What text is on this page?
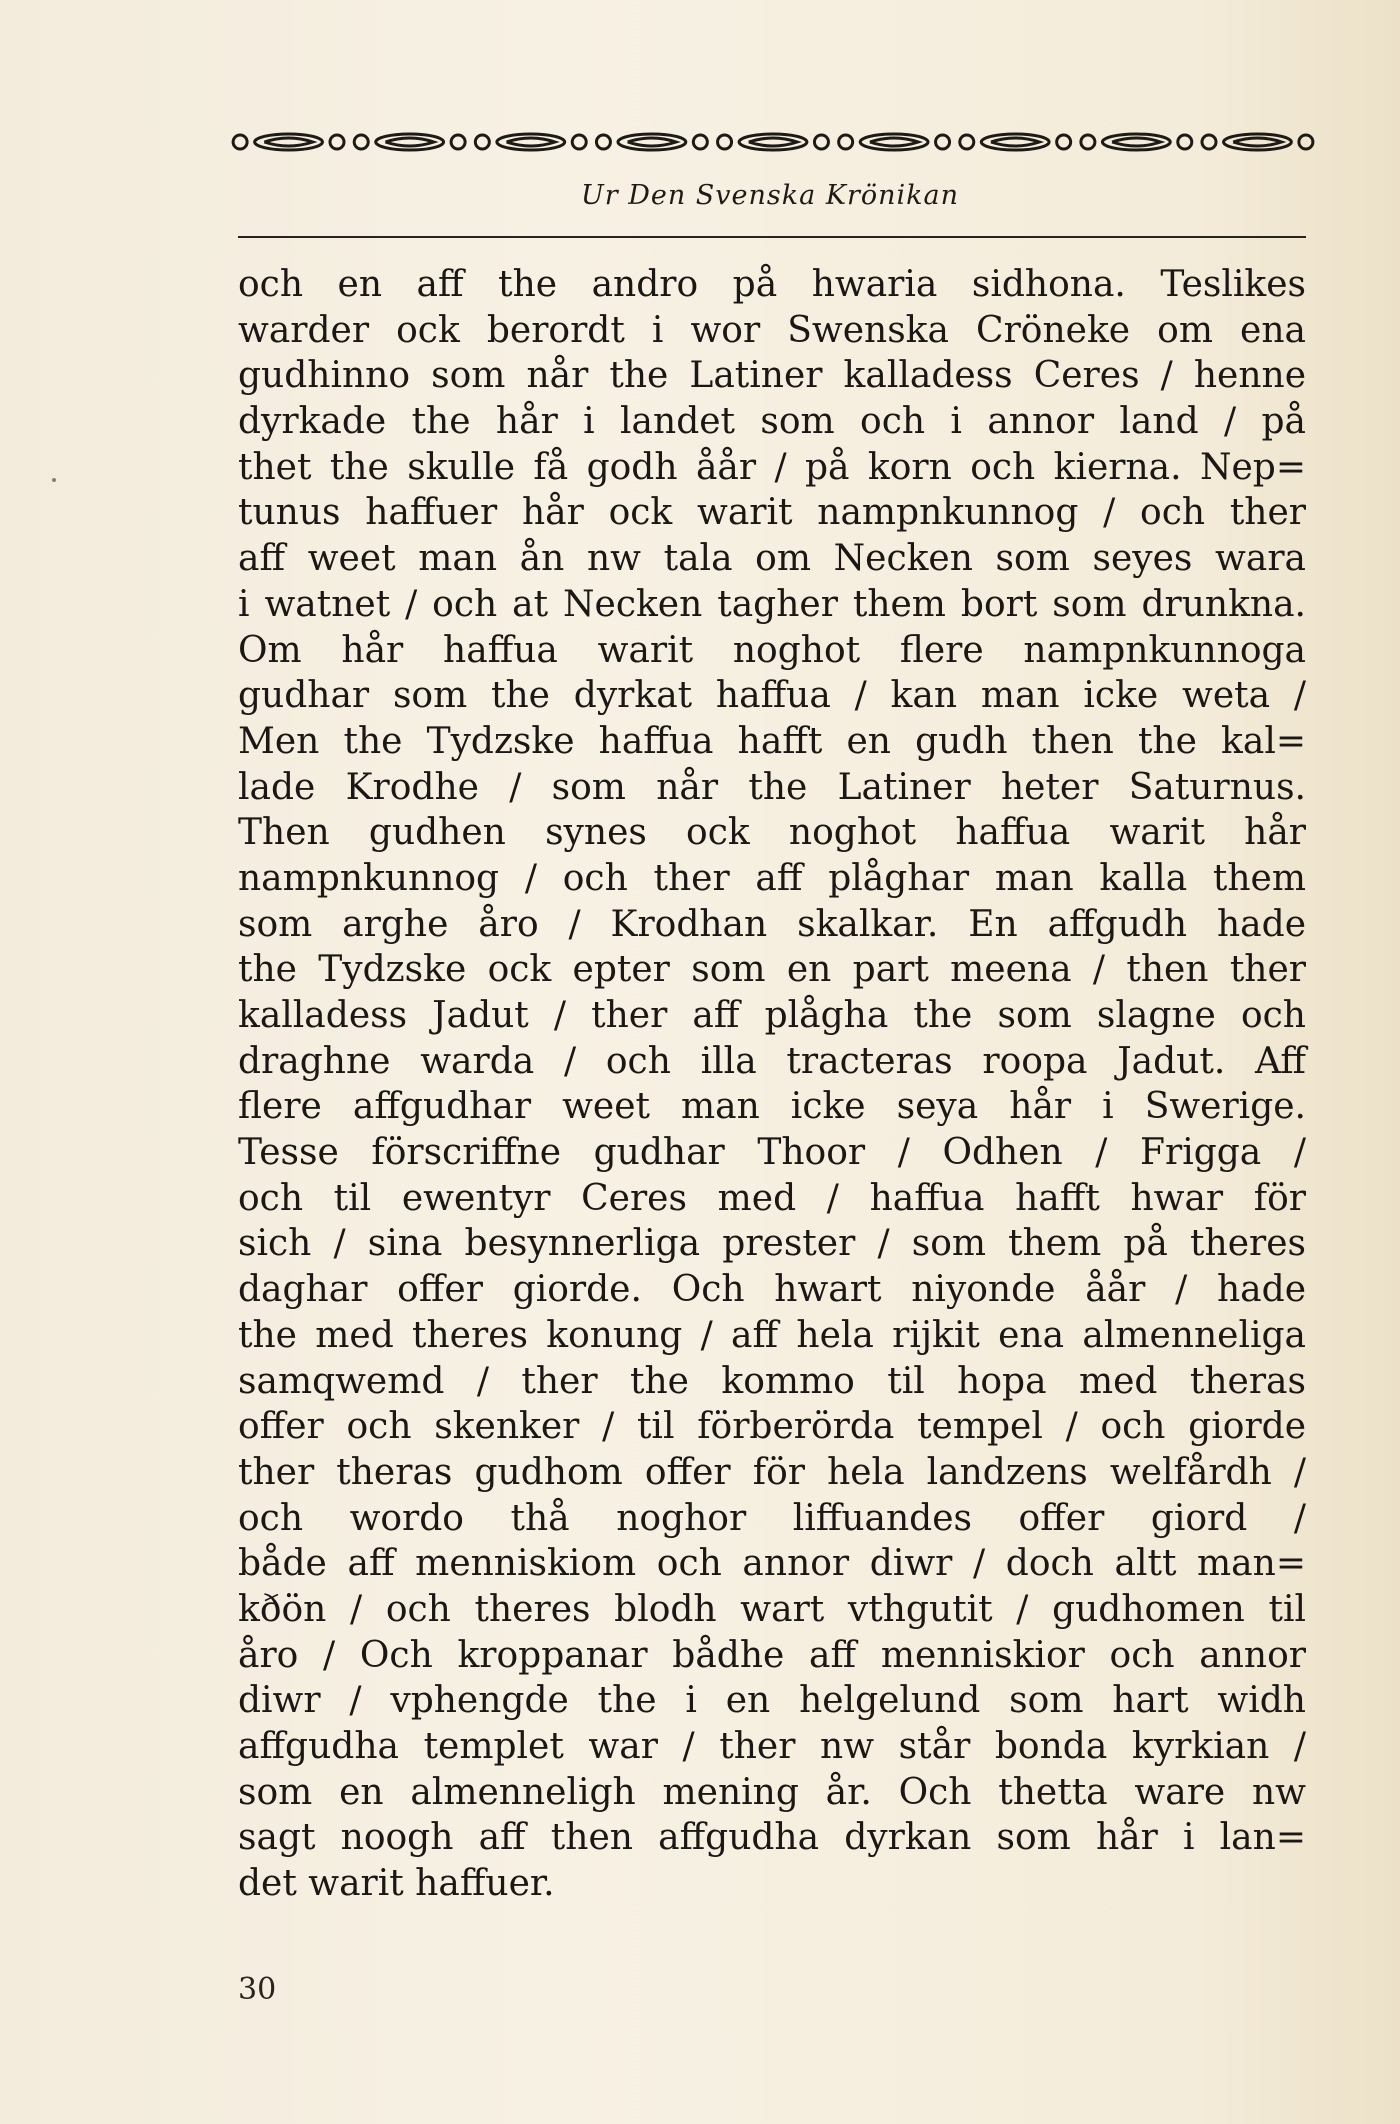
Ur Den Svenska Krönikan
och en aff the andro på hwaria sidhona. Teslikes
warder ock berordt i wor Swenska Cröneke om ena
gudhinno som når the Latiner kalladess Ceres / henne
dyrkade the hår i landet som och i annor land / på
thet the skulle få godh åår / på korn och kierna. Nep=
tunus haffuer hår ock warit nampnkunnog / och ther
aff weet man ån nw tala om Necken som seyes wara
i watnet / och at Necken tagher them bort som drunkna.
Om hår haffua warit noghot flere nampnkunnoga
gudhar som the dyrkat haffua / kan man icke weta /
Men the Tydzske haffua hafft en gudh then the kal=
lade Krodhe / som når the Latiner heter Saturnus.
Then gudhen synes ock noghot haffua warit hår
nampnkunnog / och ther aff plåghar man kalla them
som arghe åro / Krodhan skalkar. En affgudh hade
the Tydzske ock epter som en part meena / then ther
kalladess Jadut / ther aff plågha the som slagne och
draghne warda / och illa tracteras roopa Jadut. Aff
flere affgudhar weet man icke seya hår i Swerige.
Tesse förscriffne gudhar Thoor / Odhen / Frigga /
och til ewentyr Ceres med / haffua hafft hwar för
sich / sina besynnerliga prester / som them på theres
daghar offer giorde. Och hwart niyonde åår / hade
the med theres konung / aff hela rijkit ena almenneliga
samqwemd / ther the kommo til hopa med theras
offer och skenker / til förberörda tempel / och giorde
ther theras gudhom offer för hela landzens welfårdh /
och wordo thå noghor liffuandes offer giord /
både aff menniskiom och annor diwr / doch altt man=
kðön / och theres blodh wart vthgutit / gudhomen til
åro / Och kroppanar bådhe aff menniskior och annor
diwr / vphengde the i en helgelund som hart widh
affgudha templet war / ther nw står bonda kyrkian /
som en almenneligh mening år. Och thetta ware nw
sagt noogh aff then affgudha dyrkan som hår i lan=
det warit haffuer.
30
